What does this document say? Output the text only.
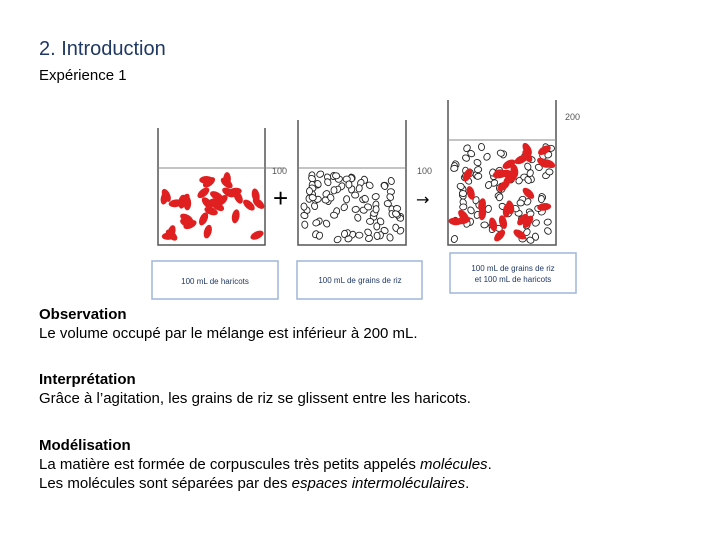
2. Introduction
Expérience 1
100
+
100
→
200
100 mL de haricots	100 mL de grains de riz
100 mL de grains de riz
et 100 mL de haricots
Observation
Le volume occupé par le mélange est inférieur à 200 mL.
Interprétation
Grâce à l’agitation, les grains de riz se glissent entre les haricots.
Modélisation
La matière est formée de corpuscules très petits appelés molécules.
Les molécules sont séparées par des espaces intermoléculaires.
